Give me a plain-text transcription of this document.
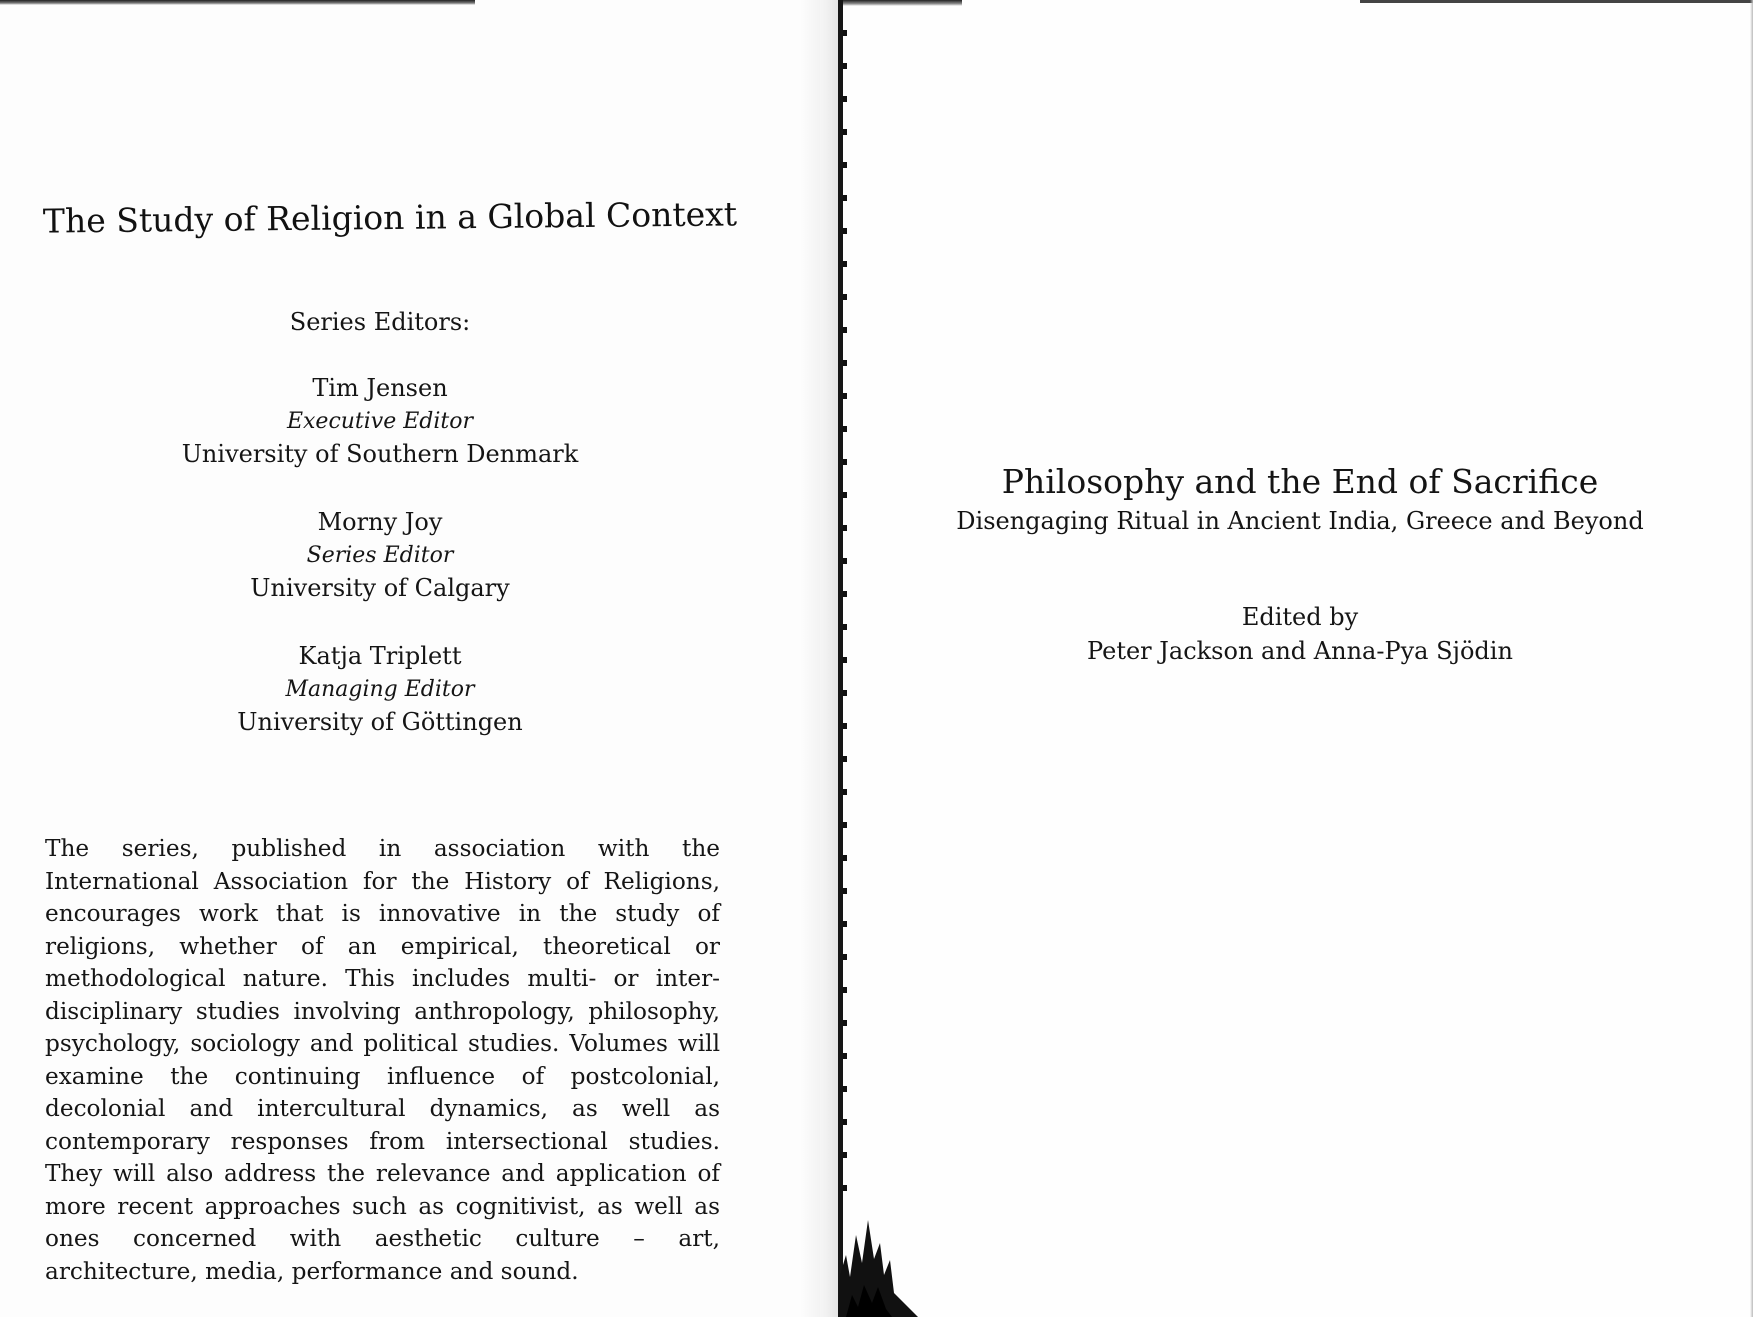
The Study of Religion in a Global Context
Series Editors:
Tim Jensen
Executive Editor
University of Southern Denmark
Morny Joy
Series Editor
University of Calgary
Katja Triplett
Managing Editor
University of Göttingen

The series, published in association with the International Association for the History of Religions, encourages work that is innovative in the study of religions, whether of an empirical, theoretical or methodological nature. This includes multi- or inter-disciplinary studies involving anthropology, philosophy, psychology, sociology and political studies. Volumes will examine the continuing influence of postcolonial, decolonial and intercultural dynamics, as well as contemporary responses from intersectional studies. They will also address the relevance and application of more recent approaches such as cognitivist, as well as ones concerned with aesthetic culture – art, architecture, media, performance and sound.

Philosophy and the End of Sacrifice
Disengaging Ritual in Ancient India, Greece and Beyond
Edited by
Peter Jackson and Anna-Pya Sjödin
